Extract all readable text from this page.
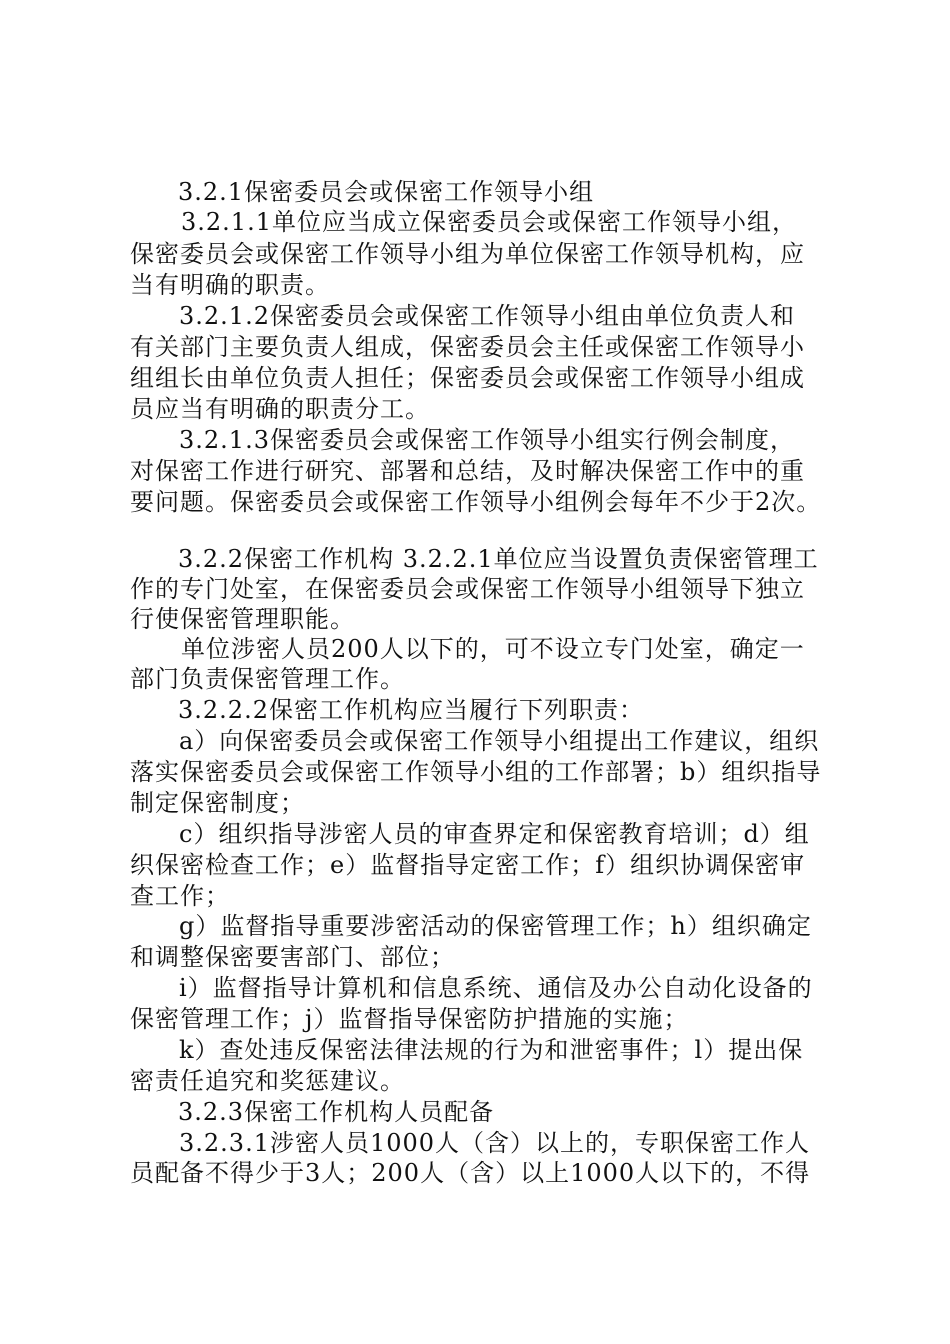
3.2.1保密委员会或保密工作领导小组
3.2.1.1单位应当成立保密委员会或保密工作领导小组，
保密委员会或保密工作领导小组为单位保密工作领导机构，应
当有明确的职责。
3.2.1.2保密委员会或保密工作领导小组由单位负责人和
有关部门主要负责人组成，保密委员会主任或保密工作领导小
组组长由单位负责人担任；保密委员会或保密工作领导小组成
员应当有明确的职责分工。
3.2.1.3保密委员会或保密工作领导小组实行例会制度，
对保密工作进行研究、部署和总结，及时解决保密工作中的重
要问题。保密委员会或保密工作领导小组例会每年不少于2次。
3.2.2保密工作机构 3.2.2.1单位应当设置负责保密管理工
作的专门处室，在保密委员会或保密工作领导小组领导下独立
行使保密管理职能。
单位涉密人员200人以下的，可不设立专门处室，确定一
部门负责保密管理工作。
3.2.2.2保密工作机构应当履行下列职责：
a）向保密委员会或保密工作领导小组提出工作建议，组织
落实保密委员会或保密工作领导小组的工作部署；b）组织指导
制定保密制度；
c）组织指导涉密人员的审查界定和保密教育培训；d）组
织保密检查工作；e）监督指导定密工作；f）组织协调保密审
查工作；
g）监督指导重要涉密活动的保密管理工作；h）组织确定
和调整保密要害部门、部位；
i）监督指导计算机和信息系统、通信及办公自动化设备的
保密管理工作；j）监督指导保密防护措施的实施；
k）查处违反保密法律法规的行为和泄密事件；l）提出保
密责任追究和奖惩建议。
3.2.3保密工作机构人员配备
3.2.3.1涉密人员1000人（含）以上的，专职保密工作人
员配备不得少于3人；200人（含）以上1000人以下的，不得
